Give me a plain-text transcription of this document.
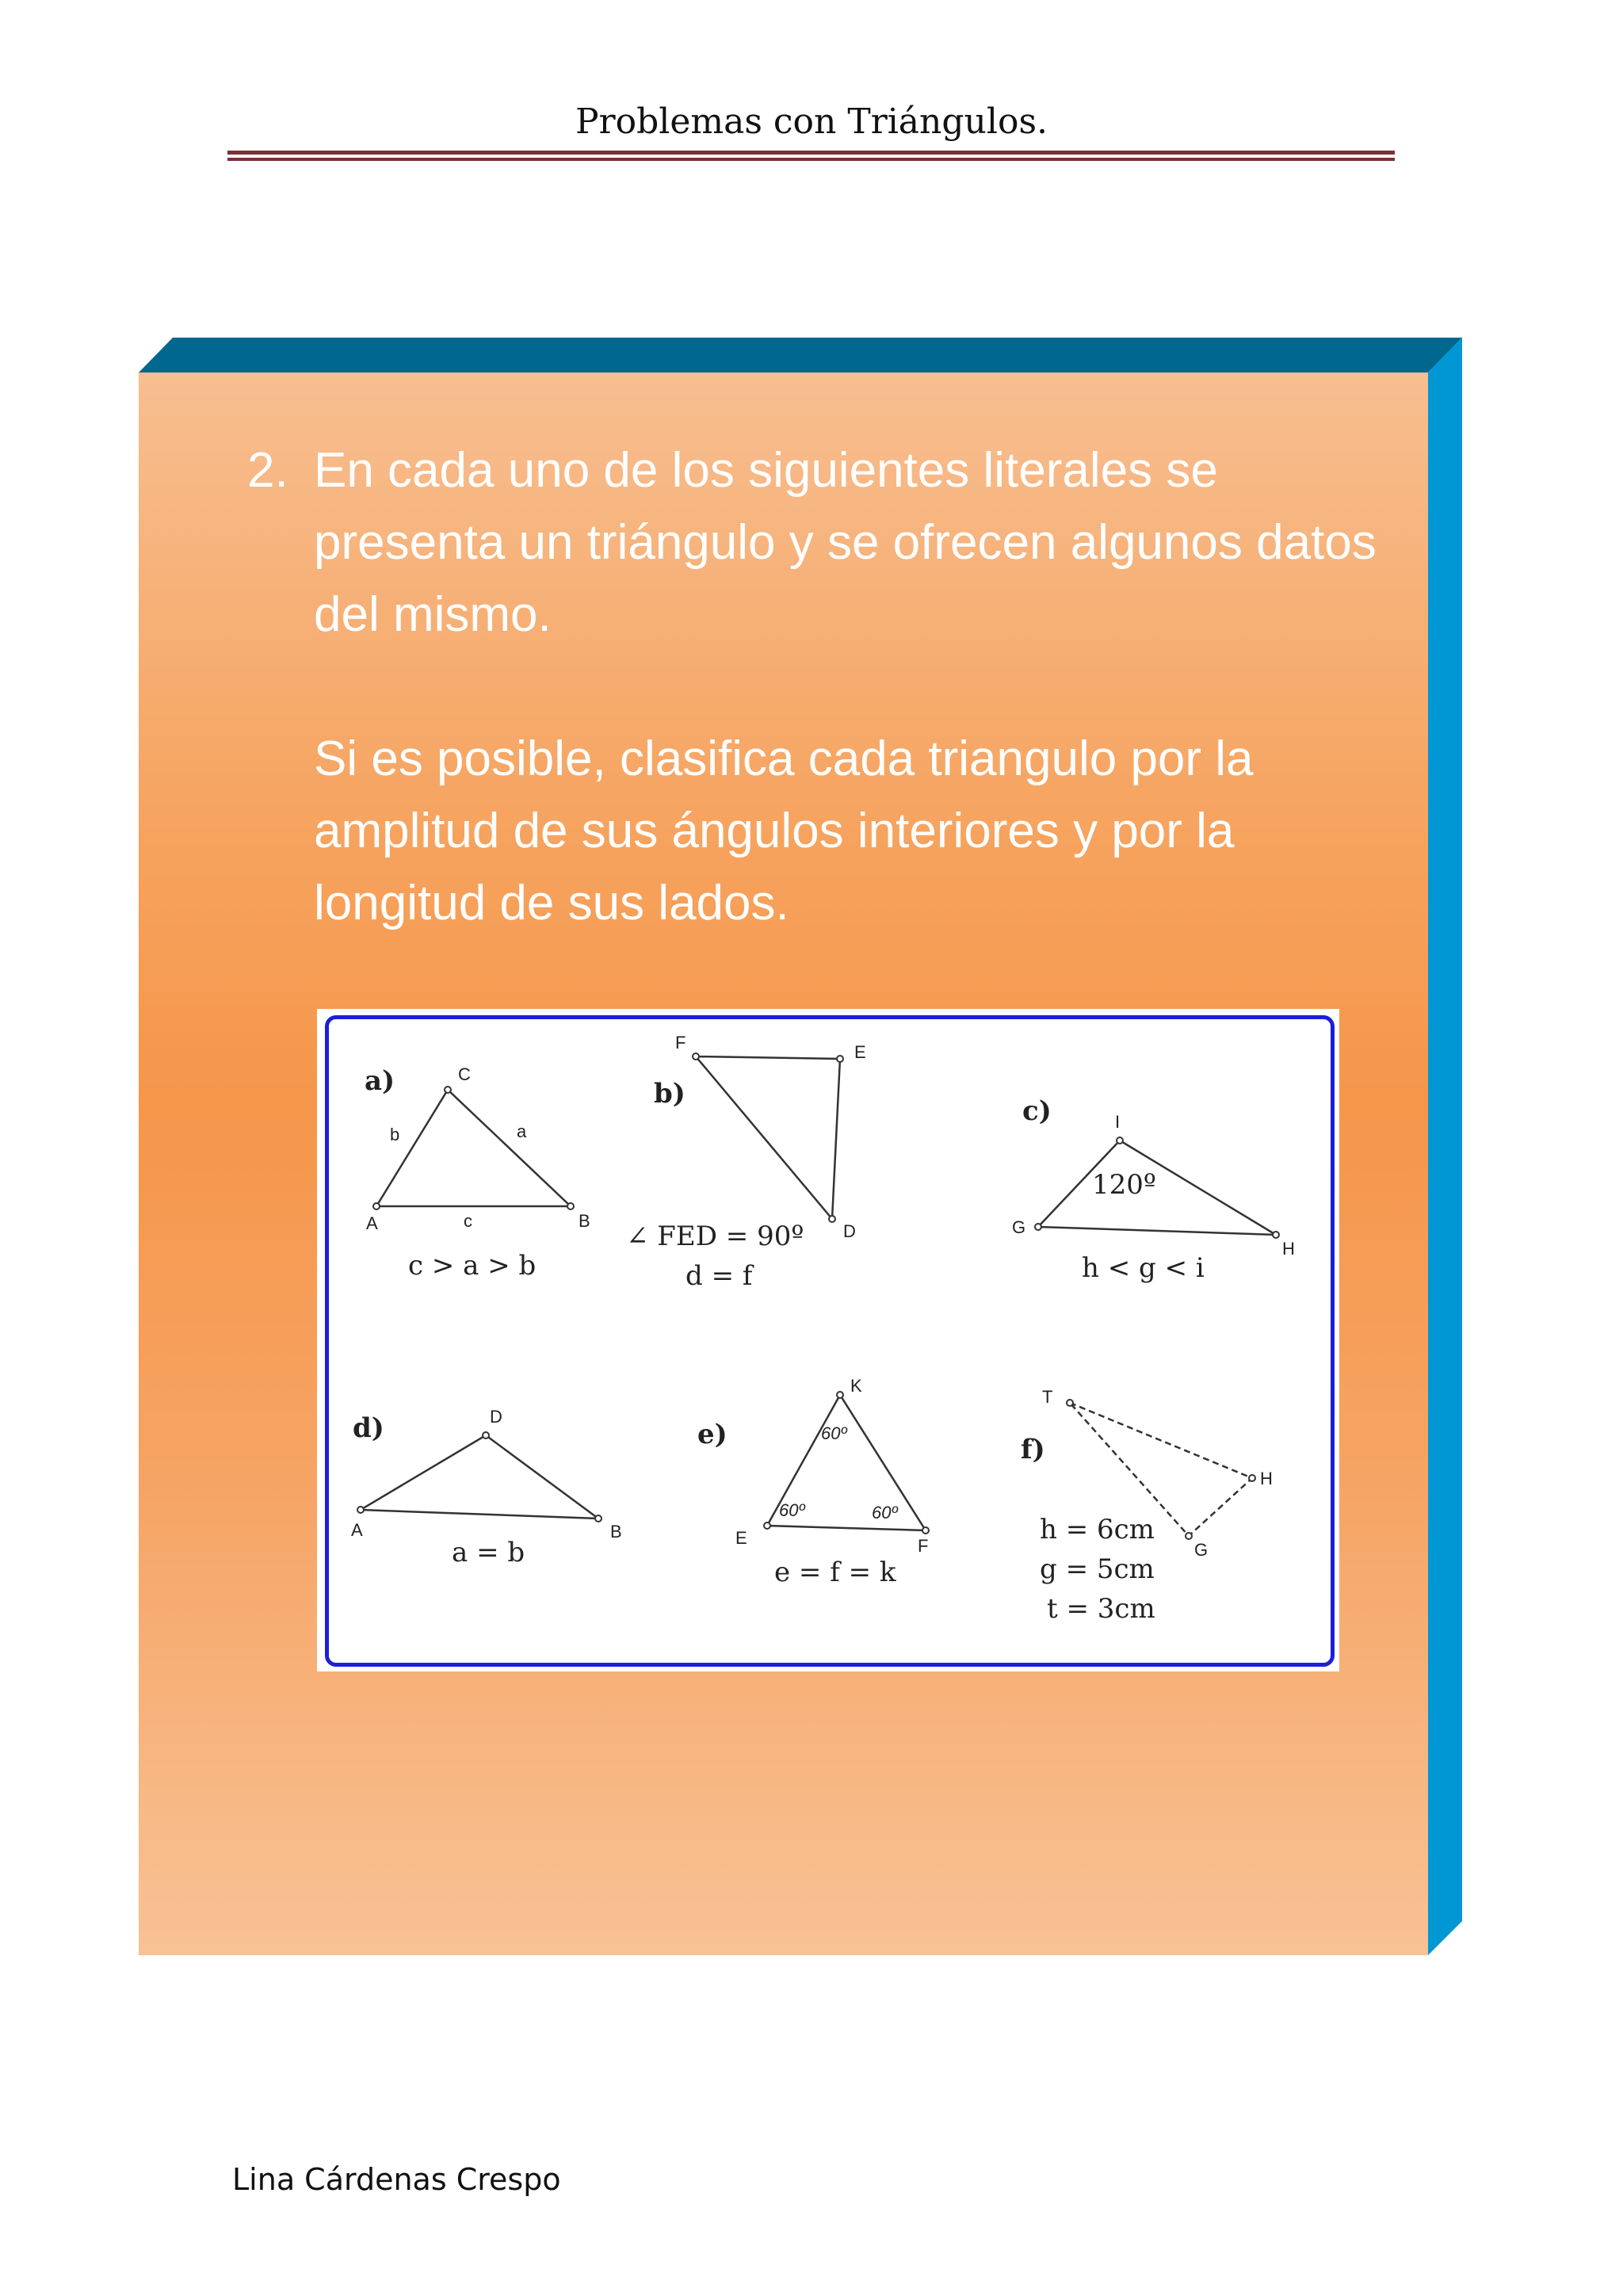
Problemas con Triángulos.
2. En cada uno de los siguientes literales se presenta un triángulo y se ofrecen algunos datos del mismo.
Si es posible, clasifica cada triangulo por la amplitud de sus ángulos interiores y por la longitud de sus lados.
a)
A	B
C
a
b
c
c > a > b
b)
F	E
D
∠ FED = 90º
d = f
c)
G
H
I
120º
h < g < i
d)
A	B
D
a = b
e)
E	F
K
60º	60º
60º
e = f = k
f)
T
H
G
h = 6cm
g = 5cm
t = 3cm
Lina Cárdenas Crespo
